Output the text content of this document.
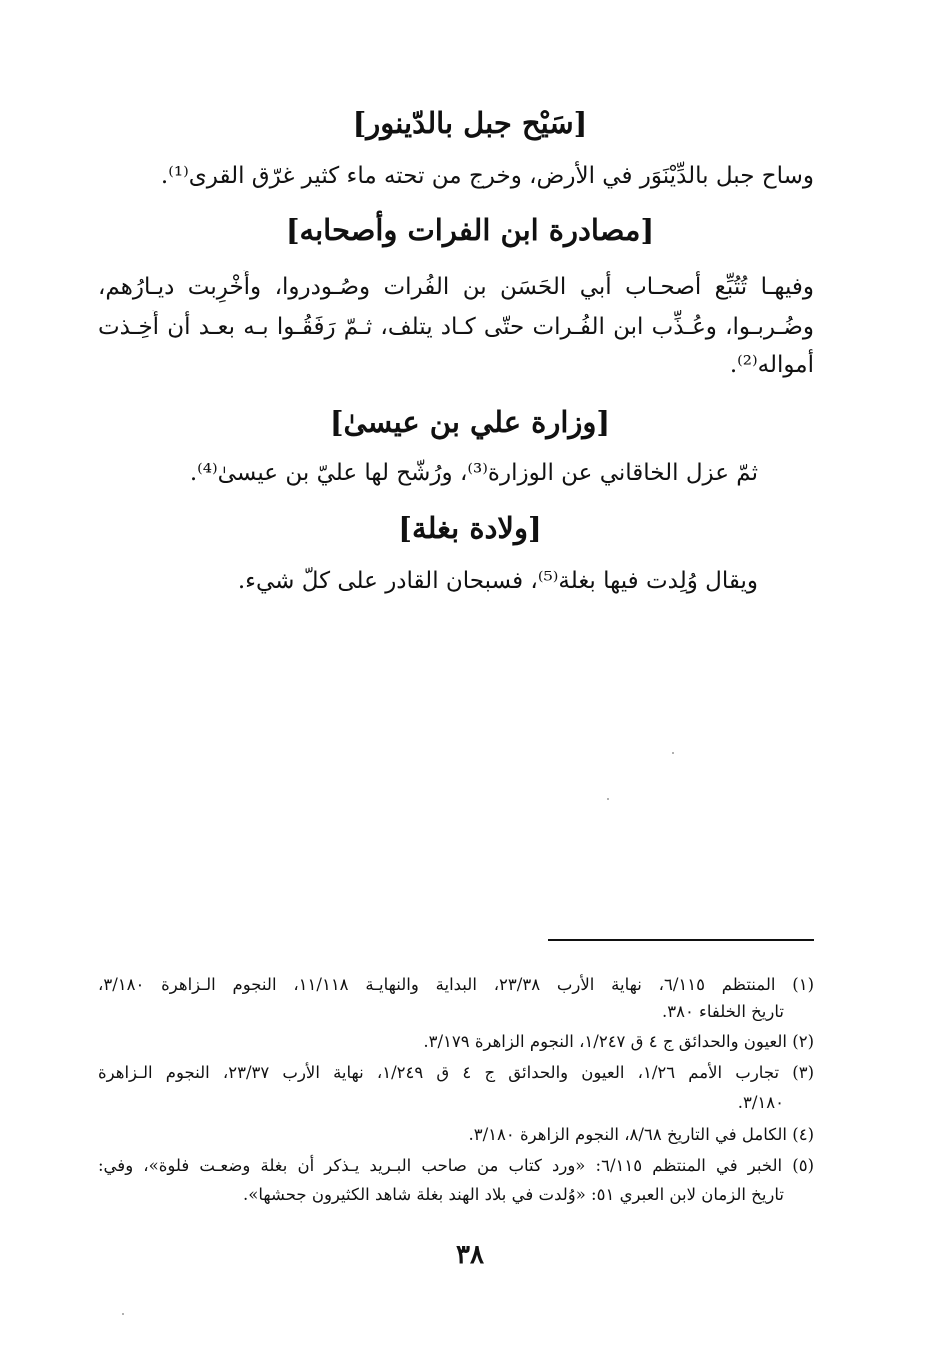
[سَيْح جبل بالدّينور]
وساح جبل بالدِّيْنَوَر في الأرض، وخرج من تحته ماء كثير غرّق القرى⁽¹⁾.
[مصادرة ابن الفرات وأصحابه]
وفيهـا تُتُبِّع أصحـاب أبي الحَسَن بن الفُرات وصُـودروا، وأُخْرِبت ديـارُهم،
وضُـربـوا، وعُـذِّب ابن الفُـرات حتّى كـاد يتلف، ثـمّ رَفَقُـوا بـه بعـد أن أَخِـذت
أمواله⁽²⁾.
[وزارة علي بن عيسىٰ]
ثمّ عزل الخاقاني عن الوزارة⁽³⁾، ورُشّح لها عليّ بن عيسىٰ⁽⁴⁾.
[ولادة بغلة]
ويقال وُلِدت فيها بغلة⁽⁵⁾، فسبحان القادر على كلّ شيء.
(١) المنتظم ٦/١١٥، نهاية الأرب ٢٣/٣٨، البداية والنهايـة ١١/١١٨، النجوم الـزاهرة ٣/١٨٠،
تاريخ الخلفاء ٣٨٠.
(٢) العيون والحدائق ج ٤ ق ١/٢٤٧، النجوم الزاهرة ٣/١٧٩.
(٣) تجارب الأمم ١/٢٦، العيون والحدائق ج ٤ ق ١/٢٤٩، نهاية الأرب ٢٣/٣٧، النجوم الـزاهرة
٣/١٨٠.
(٤) الكامل في التاريخ ٨/٦٨، النجوم الزاهرة ٣/١٨٠.
(٥) الخبر في المنتظم ٦/١١٥: «ورد كتاب من صاحب البـريد يـذكر أن بغلة وضعـت فلوة»، وفي:
تاريخ الزمان لابن العبري ٥١: «وُلدت في بلاد الهند بغلة شاهد الكثيرون جحشها».
٣٨
